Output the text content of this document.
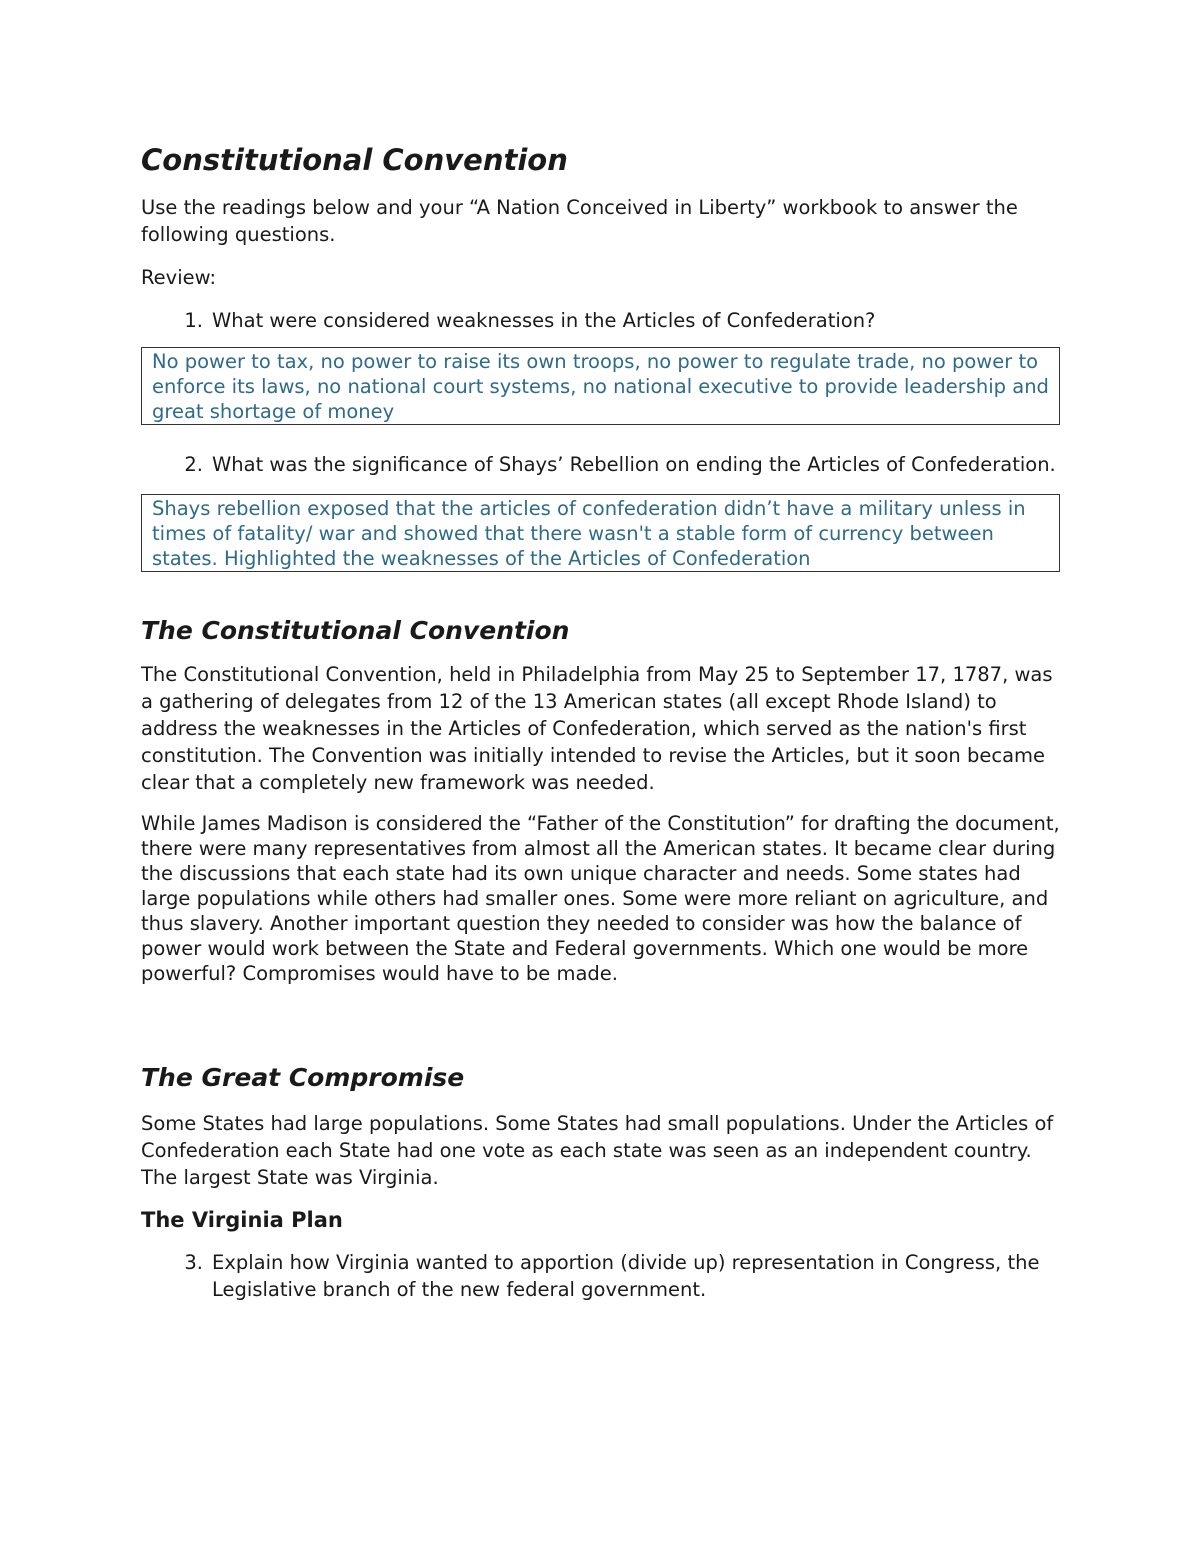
Constitutional Convention

Use the readings below and your “A Nation Conceived in Liberty” workbook to answer the following questions.

Review:

1. What were considered weaknesses in the Articles of Confederation?
No power to tax, no power to raise its own troops, no power to regulate trade, no power to enforce its laws, no national court systems, no national executive to provide leadership and great shortage of money
2. What was the significance of Shays’ Rebellion on ending the Articles of Confederation.
Shays rebellion exposed that the articles of confederation didn’t have a military unless in times of fatality/ war and showed that there wasn't a stable form of currency between states. Highlighted the weaknesses of the Articles of Confederation
The Constitutional Convention

The Constitutional Convention, held in Philadelphia from May 25 to September 17, 1787, was a gathering of delegates from 12 of the 13 American states (all except Rhode Island) to address the weaknesses in the Articles of Confederation, which served as the nation's first constitution. The Convention was initially intended to revise the Articles, but it soon became clear that a completely new framework was needed.

While James Madison is considered the “Father of the Constitution” for drafting the document, there were many representatives from almost all the American states. It became clear during the discussions that each state had its own unique character and needs. Some states had large populations while others had smaller ones. Some were more reliant on agriculture, and thus slavery. Another important question they needed to consider was how the balance of power would work between the State and Federal governments. Which one would be more powerful? Compromises would have to be made.

The Great Compromise

Some States had large populations. Some States had small populations. Under the Articles of Confederation each State had one vote as each state was seen as an independent country. The largest State was Virginia.

The Virginia Plan
3. Explain how Virginia wanted to apportion (divide up) representation in Congress, the Legislative branch of the new federal government.
